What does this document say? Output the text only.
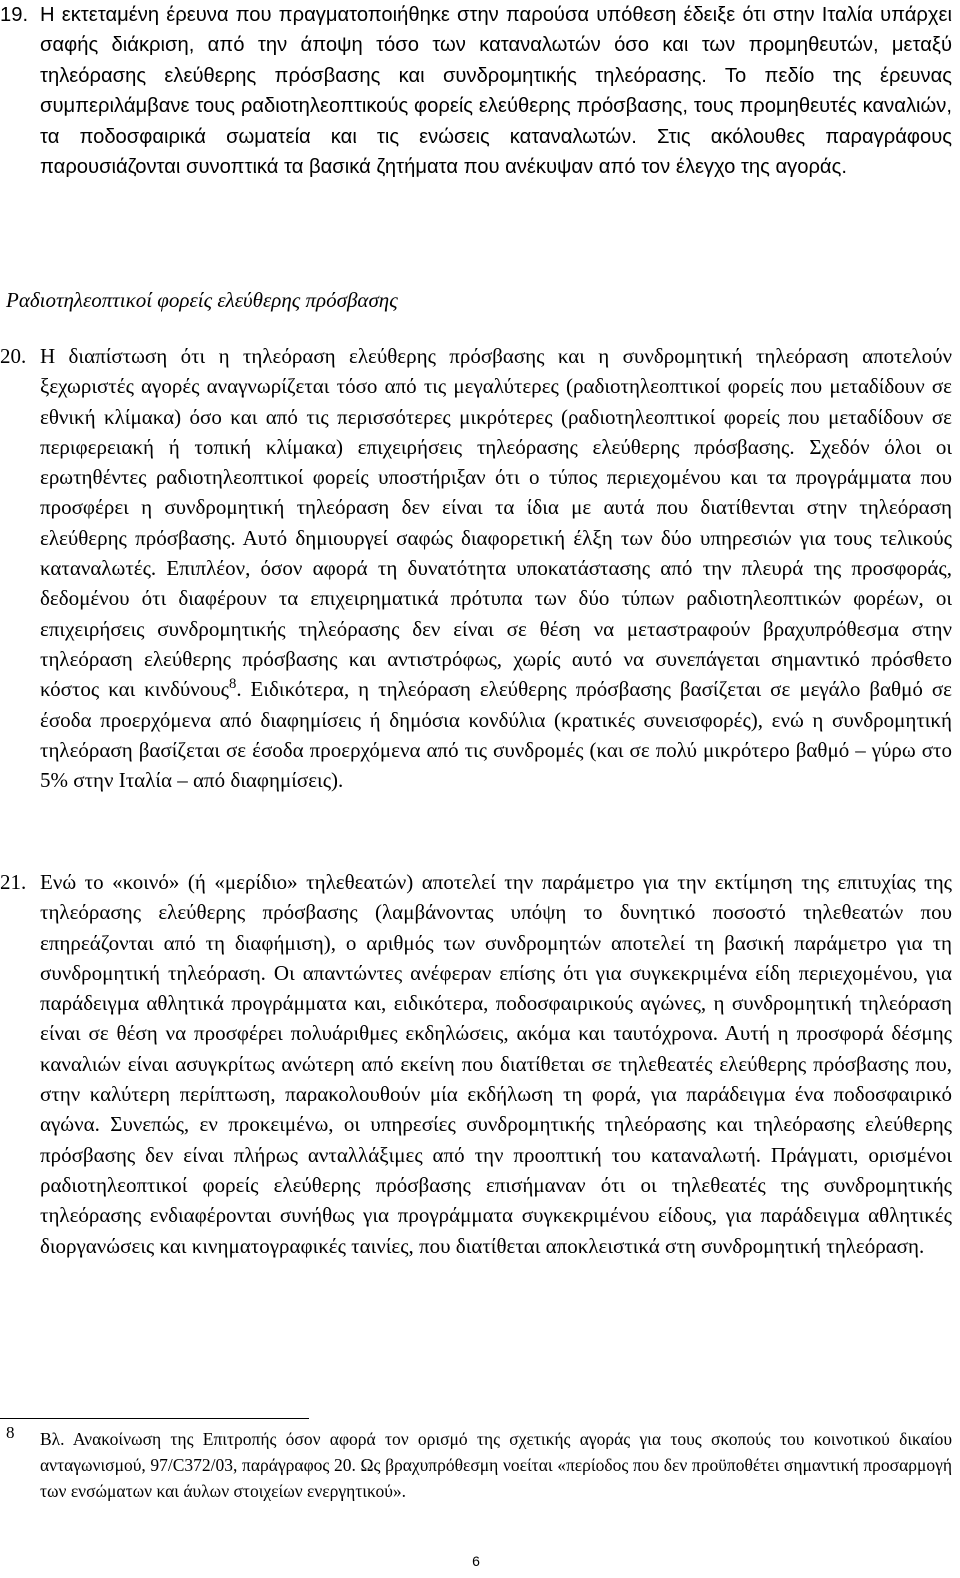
19. Η εκτεταμένη έρευνα που πραγματοποιήθηκε στην παρούσα υπόθεση έδειξε ότι στην Ιταλία υπάρχει σαφής διάκριση, από την άποψη τόσο των καταναλωτών όσο και των προμηθευτών, μεταξύ τηλεόρασης ελεύθερης πρόσβασης και συνδρομητικής τηλεόρασης. Το πεδίο της έρευνας συμπεριλάμβανε τους ραδιοτηλεοπτικούς φορείς ελεύθερης πρόσβασης, τους προμηθευτές καναλιών, τα ποδοσφαιρικά σωματεία και τις ενώσεις καταναλωτών. Στις ακόλουθες παραγράφους παρουσιάζονται συνοπτικά τα βασικά ζητήματα που ανέκυψαν από τον έλεγχο της αγοράς.
Ραδιοτηλεοπτικοί φορείς ελεύθερης πρόσβασης
20. Η διαπίστωση ότι η τηλεόραση ελεύθερης πρόσβασης και η συνδρομητική τηλεόραση αποτελούν ξεχωριστές αγορές αναγνωρίζεται τόσο από τις μεγαλύτερες (ραδιοτηλεοπτικοί φορείς που μεταδίδουν σε εθνική κλίμακα) όσο και από τις περισσότερες μικρότερες (ραδιοτηλεοπτικοί φορείς που μεταδίδουν σε περιφερειακή ή τοπική κλίμακα) επιχειρήσεις τηλεόρασης ελεύθερης πρόσβασης. Σχεδόν όλοι οι ερωτηθέντες ραδιοτηλεοπτικοί φορείς υποστήριξαν ότι ο τύπος περιεχομένου και τα προγράμματα που προσφέρει η συνδρομητική τηλεόραση δεν είναι τα ίδια με αυτά που διατίθενται στην τηλεόραση ελεύθερης πρόσβασης. Αυτό δημιουργεί σαφώς διαφορετική έλξη των δύο υπηρεσιών για τους τελικούς καταναλωτές. Επιπλέον, όσον αφορά τη δυνατότητα υποκατάστασης από την πλευρά της προσφοράς, δεδομένου ότι διαφέρουν τα επιχειρηματικά πρότυπα των δύο τύπων ραδιοτηλεοπτικών φορέων, οι επιχειρήσεις συνδρομητικής τηλεόρασης δεν είναι σε θέση να μεταστραφούν βραχυπρόθεσμα στην τηλεόραση ελεύθερης πρόσβασης και αντιστρόφως, χωρίς αυτό να συνεπάγεται σημαντικό πρόσθετο κόστος και κινδύνους$^8$. Ειδικότερα, η τηλεόραση ελεύθερης πρόσβασης βασίζεται σε μεγάλο βαθμό σε έσοδα προερχόμενα από διαφημίσεις ή δημόσια κονδύλια (κρατικές συνεισφορές), ενώ η συνδρομητική τηλεόραση βασίζεται σε έσοδα προερχόμενα από τις συνδρομές (και σε πολύ μικρότερο βαθμό – γύρω στο 5% στην Ιταλία – από διαφημίσεις).
21. Ενώ το «κοινό» (ή «μερίδιο» τηλεθεατών) αποτελεί την παράμετρο για την εκτίμηση της επιτυχίας της τηλεόρασης ελεύθερης πρόσβασης (λαμβάνοντας υπόψη το δυνητικό ποσοστό τηλεθεατών που επηρεάζονται από τη διαφήμιση), ο αριθμός των συνδρομητών αποτελεί τη βασική παράμετρο για τη συνδρομητική τηλεόραση. Οι απαντώντες ανέφεραν επίσης ότι για συγκεκριμένα είδη περιεχομένου, για παράδειγμα αθλητικά προγράμματα και, ειδικότερα, ποδοσφαιρικούς αγώνες, η συνδρομητική τηλεόραση είναι σε θέση να προσφέρει πολυάριθμες εκδηλώσεις, ακόμα και ταυτόχρονα. Αυτή η προσφορά δέσμης καναλιών είναι ασυγκρίτως ανώτερη από εκείνη που διατίθεται σε τηλεθεατές ελεύθερης πρόσβασης που, στην καλύτερη περίπτωση, παρακολουθούν μία εκδήλωση τη φορά, για παράδειγμα ένα ποδοσφαιρικό αγώνα. Συνεπώς, εν προκειμένω, οι υπηρεσίες συνδρομητικής τηλεόρασης και τηλεόρασης ελεύθερης πρόσβασης δεν είναι πλήρως ανταλλάξιμες από την προοπτική του καταναλωτή. Πράγματι, ορισμένοι ραδιοτηλεοπτικοί φορείς ελεύθερης πρόσβασης επισήμαναν ότι οι τηλεθεατές της συνδρομητικής τηλεόρασης ενδιαφέρονται συνήθως για προγράμματα συγκεκριμένου είδους, για παράδειγμα αθλητικές διοργανώσεις και κινηματογραφικές ταινίες, που διατίθεται αποκλειστικά στη συνδρομητική τηλεόραση.
8	Βλ. Ανακοίνωση της Επιτροπής όσον αφορά τον ορισμό της σχετικής αγοράς για τους σκοπούς του κοινοτικού δικαίου ανταγωνισμού, 97/C372/03, παράγραφος 20. Ως βραχυπρόθεσμη νοείται «περίοδος που δεν προϋποθέτει σημαντική προσαρμογή των ενσώματων και άυλων στοιχείων ενεργητικού».
6
